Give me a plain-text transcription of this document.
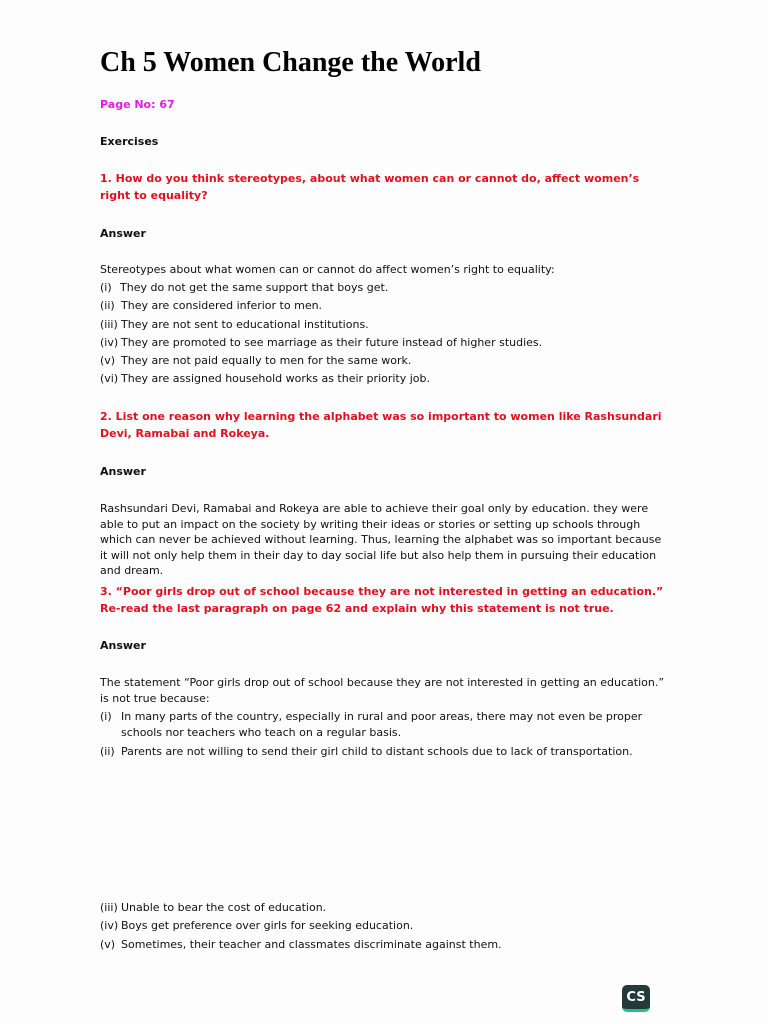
Ch 5 Women Change the World
Page No: 67
Exercises
1. How do you think stereotypes, about what women can or cannot do, affect women’s right to equality?
Answer
Stereotypes about what women can or cannot do affect women’s right to equality:
(i) They do not get the same support that boys get.
(ii) They are considered inferior to men.
(iii) They are not sent to educational institutions.
(iv) They are promoted to see marriage as their future instead of higher studies.
(v) They are not paid equally to men for the same work.
(vi) They are assigned household works as their priority job.
2. List one reason why learning the alphabet was so important to women like Rashsundari Devi, Ramabai and Rokeya.
Answer
Rashsundari Devi, Ramabai and Rokeya are able to achieve their goal only by education. they were able to put an impact on the society by writing their ideas or stories or setting up schools through which can never be achieved without learning. Thus, learning the alphabet was so important because it will not only help them in their day to day social life but also help them in pursuing their education and dream.
3. “Poor girls drop out of school because they are not interested in getting an education.” Re-read the last paragraph on page 62 and explain why this statement is not true.
Answer
The statement “Poor girls drop out of school because they are not interested in getting an education.” is not true because:
(i) In many parts of the country, especially in rural and poor areas, there may not even be proper schools nor teachers who teach on a regular basis.
(ii) Parents are not willing to send their girl child to distant schools due to lack of transportation.
(iii) Unable to bear the cost of education.
(iv) Boys get preference over girls for seeking education.
(v) Sometimes, their teacher and classmates discriminate against them.
CS
